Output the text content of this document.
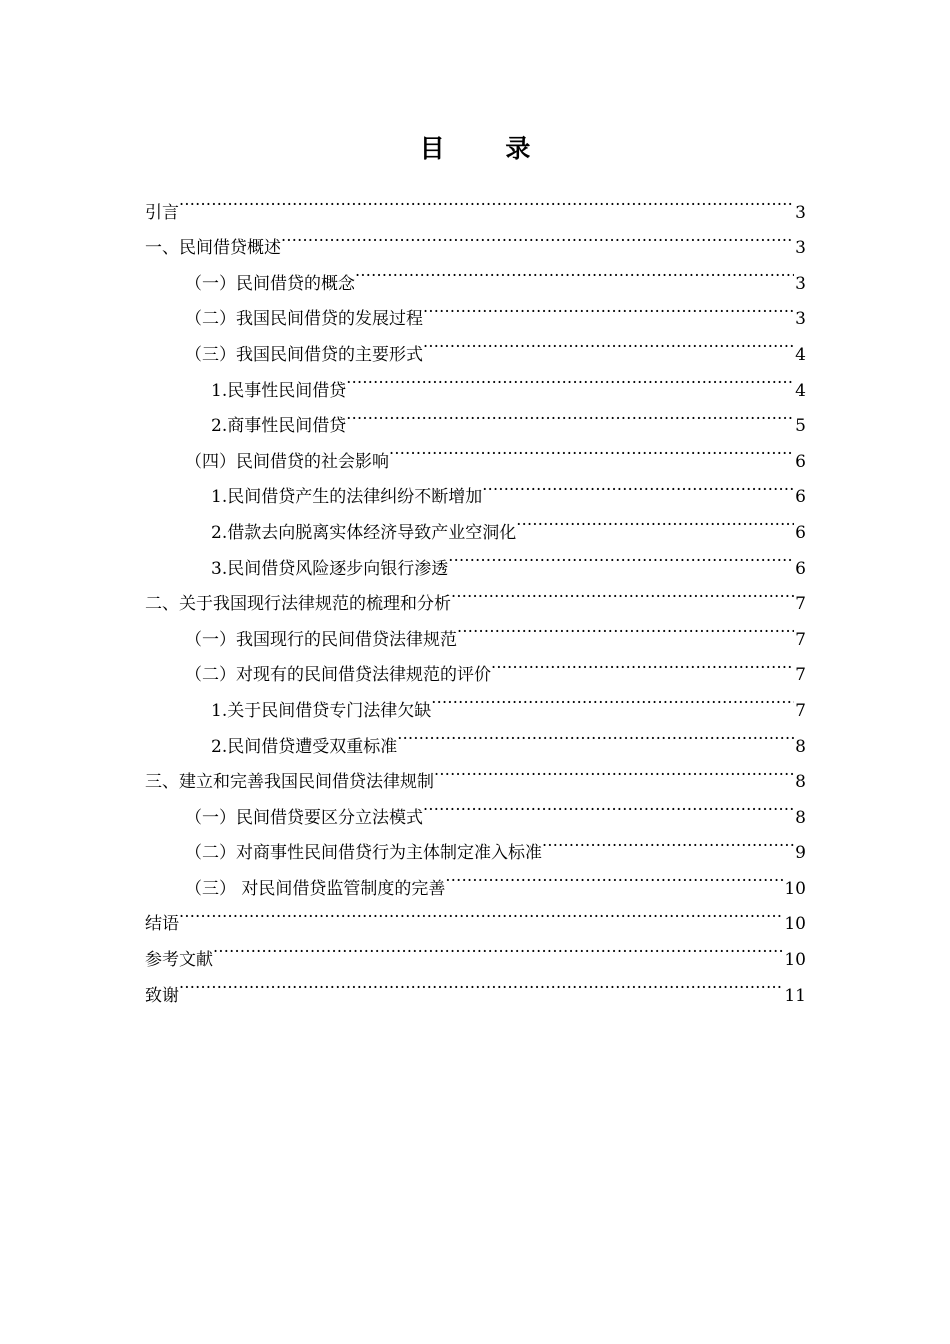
目 录
引言 .....	3
一、民间借贷概述 .....	3
（一）民间借贷的概念 .....	3
（二）我国民间借贷的发展过程 .....	3
（三）我国民间借贷的主要形式 .....	4
1.民事性民间借贷 .....	4
2.商事性民间借贷 .....	5
（四）民间借贷的社会影响 .....	6
1.民间借贷产生的法律纠纷不断增加 .....	6
2.借款去向脱离实体经济导致产业空洞化 .....	6
3.民间借贷风险逐步向银行渗透 .....	6
二、关于我国现行法律规范的梳理和分析 .....	7
（一）我国现行的民间借贷法律规范 .....	7
（二）对现有的民间借贷法律规范的评价 .....	7
1.关于民间借贷专门法律欠缺 .....	7
2.民间借贷遭受双重标准 .....	8
三、建立和完善我国民间借贷法律规制 .....	8
（一）民间借贷要区分立法模式 .....	8
（二）对商事性民间借贷行为主体制定准入标准 .....	9
（三） 对民间借贷监管制度的完善 .....	10
结语 .....	10
参考文献 .....	10
致谢 .....	11
